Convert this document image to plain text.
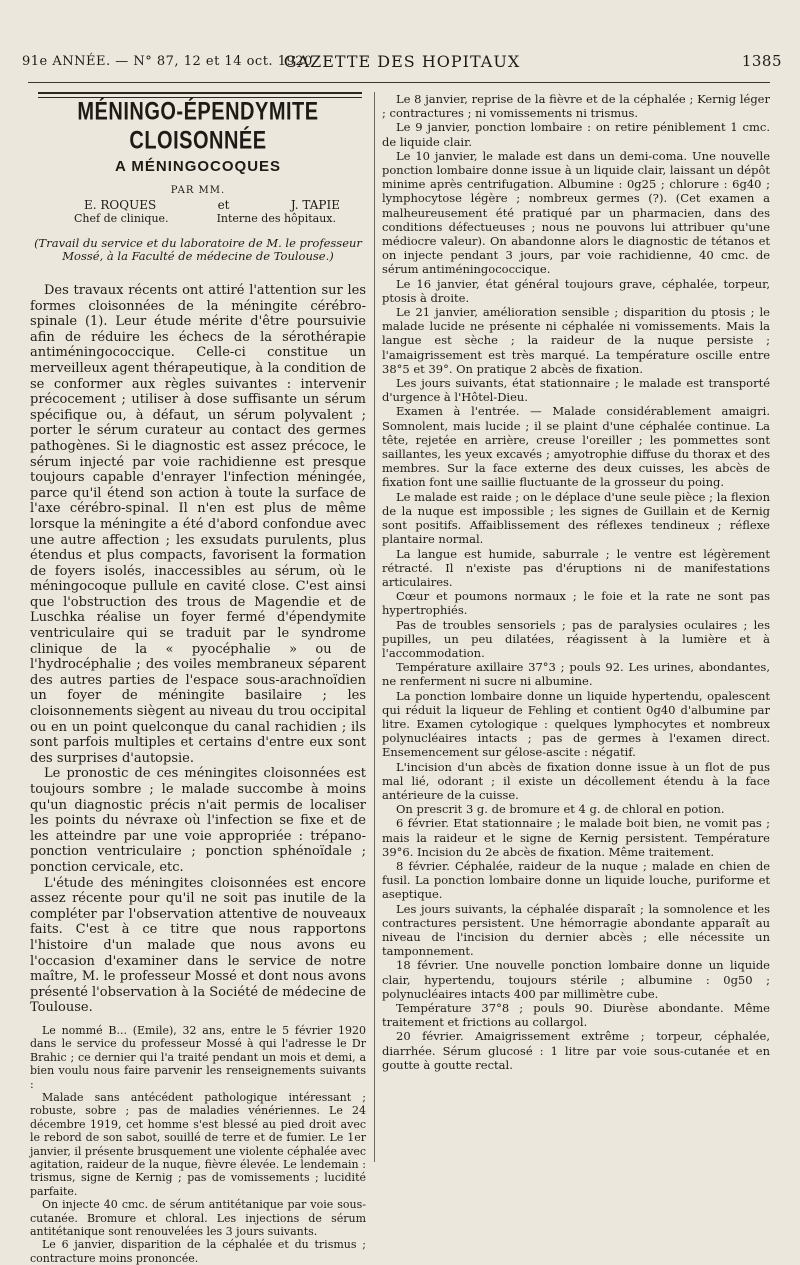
91e ANNÉE. — N° 87, 12 et 14 oct. 1920
GAZETTE DES HOPITAUX	1385
MÉNINGO-ÉPENDYMITE CLOISONNÉE
A MÉNINGOCOQUES
PAR MM.
E. ROQUES	et	J. TAPIE
Chef de clinique.	Interne des hôpitaux.
(Travail du service et du laboratoire de M. le professeur Mossé, à la Faculté de médecine de Toulouse.)

Des travaux récents ont attiré l'attention sur les formes cloisonnées de la méningite cérébro-spinale (1). Leur étude mérite d'être poursuivie afin de réduire les échecs de la sérothérapie antiméningococcique. Celle-ci constitue un merveilleux agent thérapeutique, à la condition de se conformer aux règles suivantes : intervenir précocement ; utiliser à dose suffisante un sérum spécifique ou, à défaut, un sérum polyvalent ; porter le sérum curateur au contact des germes pathogènes. Si le diagnostic est assez précoce, le sérum injecté par voie rachidienne est presque toujours capable d'enrayer l'infection méningée, parce qu'il étend son action à toute la surface de l'axe cérébro-spinal. Il n'en est plus de même lorsque la méningite a été d'abord confondue avec une autre affection ; les exsudats purulents, plus étendus et plus compacts, favorisent la formation de foyers isolés, inaccessibles au sérum, où le méningocoque pullule en cavité close. C'est ainsi que l'obstruction des trous de Magendie et de Luschka réalise un foyer fermé d'épendymite ventriculaire qui se traduit par le syndrome clinique de la « pyocéphalie » ou de l'hydrocéphalie ; des voiles membraneux séparent des autres parties de l'espace sous-arachnoïdien un foyer de méningite basilaire ; les cloisonnements siègent au niveau du trou occipital ou en un point quelconque du canal rachidien ; ils sont parfois multiples et certains d'entre eux sont des surprises d'autopsie.

Le pronostic de ces méningites cloisonnées est toujours sombre ; le malade succombe à moins qu'un diagnostic précis n'ait permis de localiser les points du névraxe où l'infection se fixe et de les atteindre par une voie appropriée : trépano-ponction ventriculaire ; ponction sphénoïdale ; ponction cervicale, etc.

L'étude des méningites cloisonnées est encore assez récente pour qu'il ne soit pas inutile de la compléter par l'observation attentive de nouveaux faits. C'est à ce titre que nous rapportons l'histoire d'un malade que nous avons eu l'occasion d'examiner dans le service de notre maître, M. le professeur Mossé et dont nous avons présenté l'observation à la Société de médecine de Toulouse.

Le nommé B... (Emile), 32 ans, entre le 5 février 1920 dans le service du professeur Mossé à qui l'adresse le Dr Brahic ; ce dernier qui l'a traité pendant un mois et demi, a bien voulu nous faire parvenir les renseignements suivants :

Malade sans antécédent pathologique intéressant ; robuste, sobre ; pas de maladies vénériennes. Le 24 décembre 1919, cet homme s'est blessé au pied droit avec le rebord de son sabot, souillé de terre et de fumier. Le 1er janvier, il présente brusquement une violente céphalée avec agitation, raideur de la nuque, fièvre élevée. Le lendemain : trismus, signe de Kernig ; pas de vomissements ; lucidité parfaite.

On injecte 40 cmc. de sérum antitétanique par voie sous-cutanée. Bromure et chloral. Les injections de sérum antitétanique sont renouvelées les 3 jours suivants.

Le 6 janvier, disparition de la céphalée et du trismus ; contracture moins prononcée.

Le 8 janvier, reprise de la fièvre et de la céphalée ; Kernig léger ; contractures ; ni vomissements ni trismus.

Le 9 janvier, ponction lombaire : on retire péniblement 1 cmc. de liquide clair.

Le 10 janvier, le malade est dans un demi-coma. Une nouvelle ponction lombaire donne issue à un liquide clair, laissant un dépôt minime après centrifugation. Albumine : 0g25 ; chlorure : 6g40 ; lymphocytose légère ; nombreux germes (?). (Cet examen a malheureusement été pratiqué par un pharmacien, dans des conditions défectueuses ; nous ne pouvons lui attribuer qu'une médiocre valeur). On abandonne alors le diagnostic de tétanos et on injecte pendant 3 jours, par voie rachidienne, 40 cmc. de sérum antiméningococcique.

Le 16 janvier, état général toujours grave, céphalée, torpeur, ptosis à droite.

Le 21 janvier, amélioration sensible ; disparition du ptosis ; le malade lucide ne présente ni céphalée ni vomissements. Mais la langue est sèche ; la raideur de la nuque persiste ; l'amaigrissement est très marqué. La température oscille entre 38°5 et 39°. On pratique 2 abcès de fixation.

Les jours suivants, état stationnaire ; le malade est transporté d'urgence à l'Hôtel-Dieu.

Examen à l'entrée. — Malade considérablement amaigri. Somnolent, mais lucide ; il se plaint d'une céphalée continue. La tête, rejetée en arrière, creuse l'oreiller ; les pommettes sont saillantes, les yeux excavés ; amyotrophie diffuse du thorax et des membres. Sur la face externe des deux cuisses, les abcès de fixation font une saillie fluctuante de la grosseur du poing.

Le malade est raide ; on le déplace d'une seule pièce ; la flexion de la nuque est impossible ; les signes de Guillain et de Kernig sont positifs. Affaiblissement des réflexes tendineux ; réflexe plantaire normal.

La langue est humide, saburrale ; le ventre est légèrement rétracté. Il n'existe pas d'éruptions ni de manifestations articulaires.

Cœur et poumons normaux ; le foie et la rate ne sont pas hypertrophiés.

Pas de troubles sensoriels ; pas de paralysies oculaires ; les pupilles, un peu dilatées, réagissent à la lumière et à l'accommodation.

Température axillaire 37°3 ; pouls 92. Les urines, abondantes, ne renferment ni sucre ni albumine.

La ponction lombaire donne un liquide hypertendu, opalescent qui réduit la liqueur de Fehling et contient 0g40 d'albumine par litre. Examen cytologique : quelques lymphocytes et nombreux polynucléaires intacts ; pas de germes à l'examen direct. Ensemencement sur gélose-ascite : négatif.

L'incision d'un abcès de fixation donne issue à un flot de pus mal lié, odorant ; il existe un décollement étendu à la face antérieure de la cuisse.

On prescrit 3 g. de bromure et 4 g. de chloral en potion.

6 février. Etat stationnaire ; le malade boit bien, ne vomit pas ; mais la raideur et le signe de Kernig persistent. Température 39°6. Incision du 2e abcès de fixation. Même traitement.

8 février. Céphalée, raideur de la nuque ; malade en chien de fusil. La ponction lombaire donne un liquide louche, puriforme et aseptique.

Les jours suivants, la céphalée disparaît ; la somnolence et les contractures persistent. Une hémorragie abondante apparaît au niveau de l'incision du dernier abcès ; elle nécessite un tamponnement.

18 février. Une nouvelle ponction lombaire donne un liquide clair, hypertendu, toujours stérile ; albumine : 0g50 ; polynucléaires intacts 400 par millimètre cube.

Température 37°8 ; pouls 90. Diurèse abondante. Même traitement et frictions au collargol.

20 février. Amaigrissement extrême ; torpeur, céphalée, diarrhée. Sérum glucosé : 1 litre par voie sous-cutanée et en goutte à goutte rectal.
